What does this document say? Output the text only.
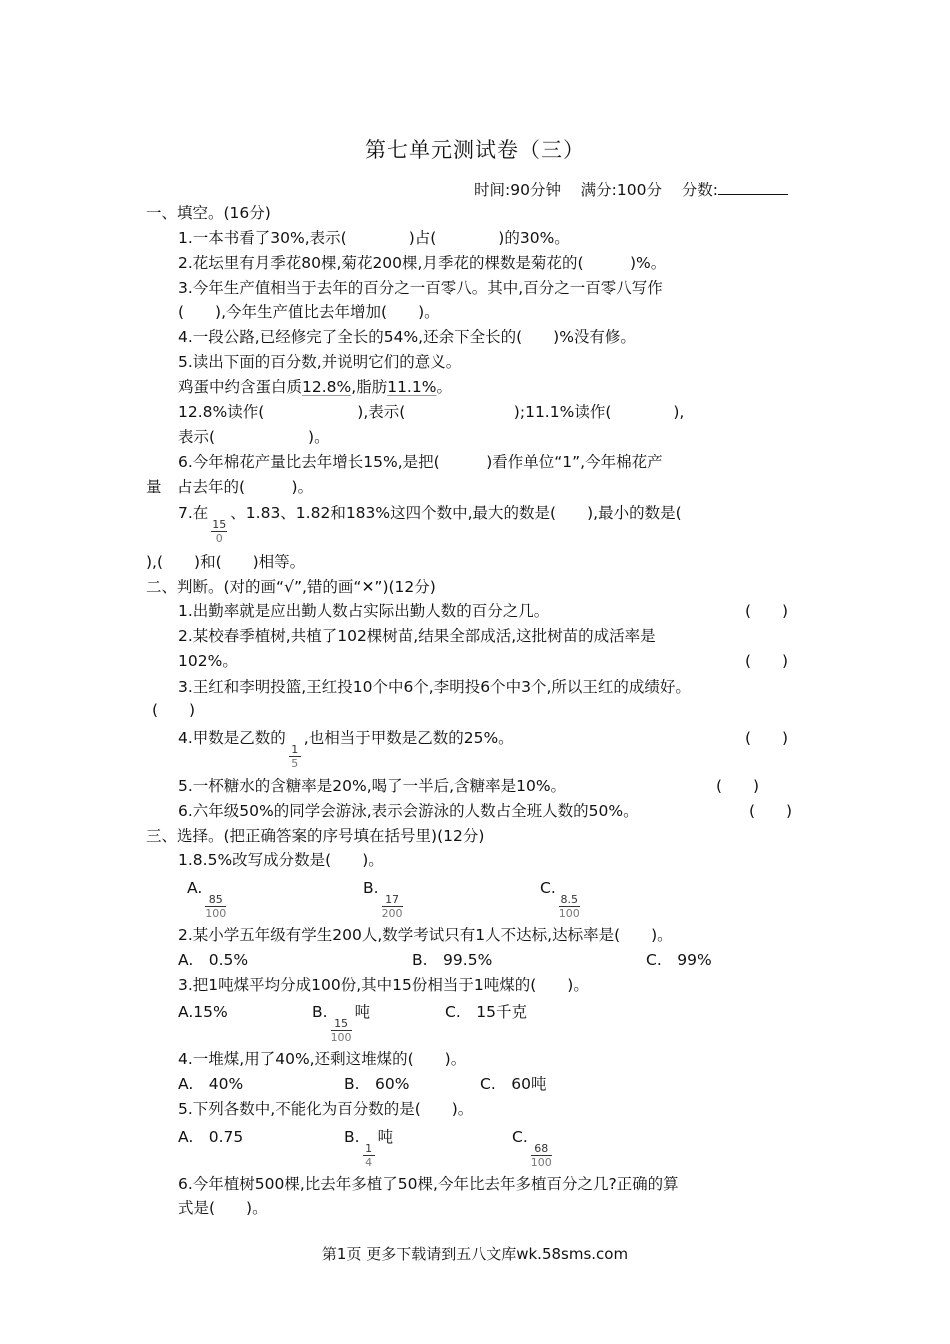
第七单元测试卷（三）
时间:90分钟 满分:100分 分数:
一、填空。(16分)
1.一本书看了30%,表示(　　　　)占(　　　　)的30%。
2.花坛里有月季花80棵,菊花200棵,月季花的棵数是菊花的(　　　)%。
3.今年生产值相当于去年的百分之一百零八。其中,百分之一百零八写作
(　　),今年生产值比去年增加(　　)。
4.一段公路,已经修完了全长的54%,还余下全长的(　　)%没有修。
5.读出下面的百分数,并说明它们的意义。
鸡蛋中约含蛋白质12.8%,脂肪11.1%。
12.8%读作(　　　　　　),表示(　　　　　　　);11.1%读作(　　　　),
表示(　　　　　　)。
6.今年棉花产量比去年增长15%,是把(　　　)看作单位“1”,今年棉花产
量　占去年的(　　　)。
7.在
$\frac{15}{0}$
、1.83、1.82和183%这四个数中,最大的数是(　　),最小的数是(
),(　　)和(　　)相等。
二、判断。(对的画“√”,错的画“✕”)(12分)
1.出勤率就是应出勤人数占实际出勤人数的百分之几。	(　　)
2.某校春季植树,共植了102棵树苗,结果全部成活,这批树苗的成活率是
102%。	(　　)
3.王红和李明投篮,王红投10个中6个,李明投6个中3个,所以王红的成绩好。
(　　)
4.甲数是乙数的
$\frac{1}{5}$
,也相当于甲数是乙数的25%。	(　　)
5.一杯糖水的含糖率是20%,喝了一半后,含糖率是10%。	(　　)
6.六年级50%的同学会游泳,表示会游泳的人数占全班人数的50%。	(　　)
三、选择。(把正确答案的序号填在括号里)(12分)
1.8.5%改写成分数是(　　)。
A.
$\frac{85}{100}$
B.
$\frac{17}{200}$
C.
$\frac{8.5}{100}$
2.某小学五年级有学生200人,数学考试只有1人不达标,达标率是(　　)。
A.　0.5%	B.　99.5%	C.　99%
3.把1吨煤平均分成100份,其中15份相当于1吨煤的(　　)。
A.15%	B.
$\frac{15}{100}$
吨	C.　15千克
4.一堆煤,用了40%,还剩这堆煤的(　　)。
A.　40%	B.　60%	C.　60吨
5.下列各数中,不能化为百分数的是(　　)。
A.　0.75	B.
$\frac{1}{4}$
吨	C.
$\frac{68}{100}$
6.今年植树500棵,比去年多植了50棵,今年比去年多植百分之几?正确的算
式是(　　)。
第1页 更多下载请到五八文库wk.58sms.com
